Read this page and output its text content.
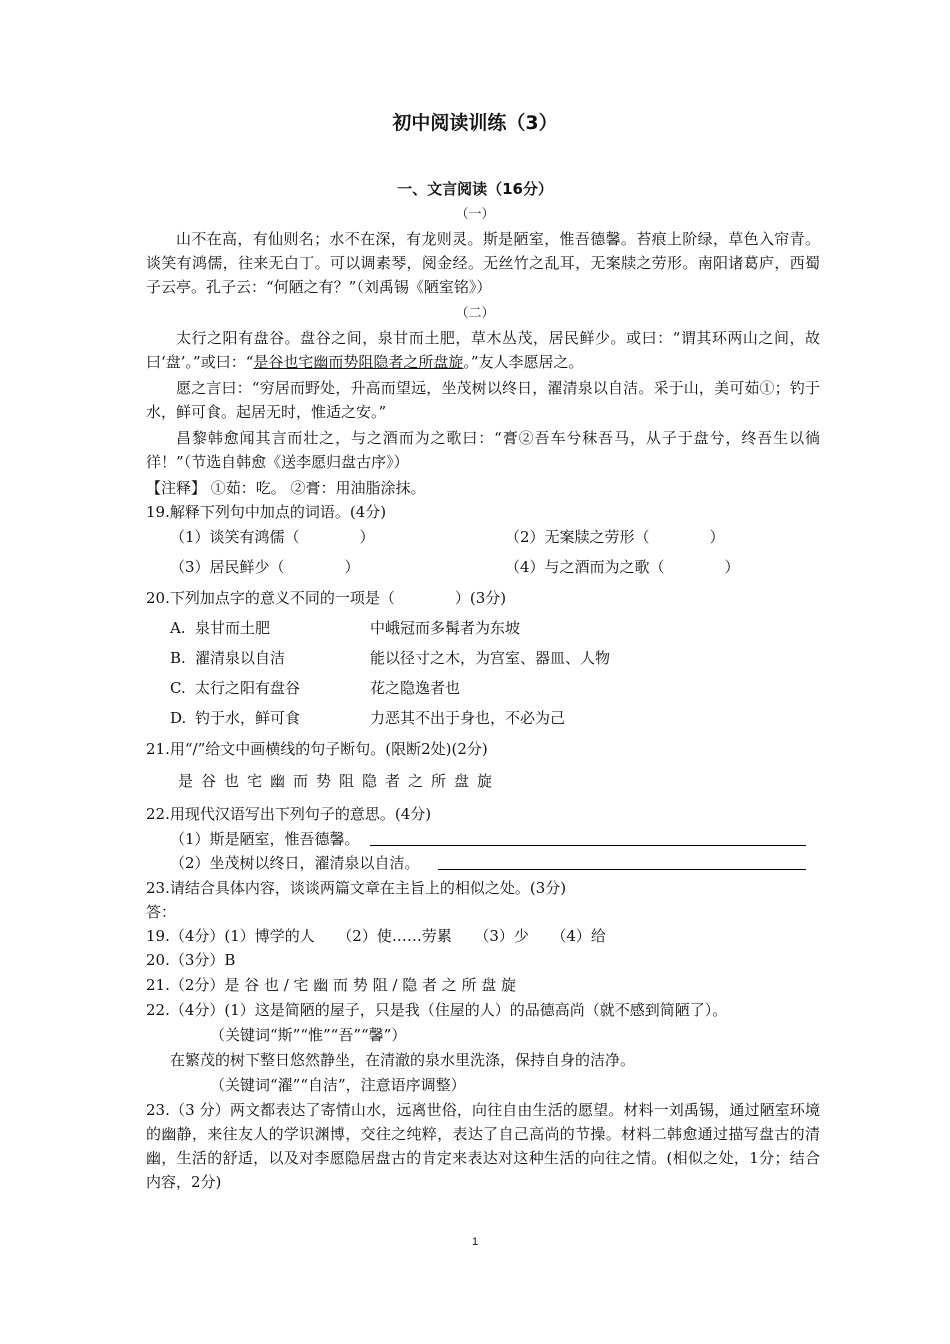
初中阅读训练（3）
一、文言阅读（16分）
（一）
山不在高，有仙则名；水不在深，有龙则灵。斯是陋室，惟吾德馨。苔痕上阶绿，草色入帘青。谈笑有鸿儒，往来无白丁。可以调素琴，阅金经。无丝竹之乱耳，无案牍之劳形。南阳诸葛庐，西蜀子云亭。孔子云：“何陋之有？”（刘禹锡《陋室铭》）
（二）
太行之阳有盘谷。盘谷之间，泉甘而土肥，草木丛茂，居民鲜少。或曰：“谓其环两山之间，故曰‘盘’。”或曰：“是谷也宅幽而势阻隐者之所盘旋。”友人李愿居之。
愿之言曰：“穷居而野处，升高而望远，坐茂树以终日，濯清泉以自洁。采于山，美可茹①；钓于水，鲜可食。起居无时，惟适之安。”
昌黎韩愈闻其言而壮之，与之酒而为之歌曰：“膏②吾车兮秣吾马，从子于盘兮，终吾生以徜徉！”（节选自韩愈《送李愿归盘古序》）
【注释】 ①茹：吃。 ②膏：用油脂涂抹。
19.解释下列句中加点的词语。(4分)
（1）谈笑有鸿儒（　　　　）	（2）无案牍之劳形（　　　　）
（3）居民鲜少（　　　　）	（4）与之酒而为之歌（　　　　）
20.下列加点字的意义不同的一项是（　　　　）(3分)
A. 泉甘而土肥	中峨冠而多髯者为东坡
B. 濯清泉以自洁	能以径寸之木，为宫室、器皿、人物
C. 太行之阳有盘谷	花之隐逸者也
D. 钓于水，鲜可食	力恶其不出于身也，不必为己
21.用“/”给文中画横线的句子断句。(限断2处)(2分)
是谷也宅幽而势阻隐者之所盘旋
22.用现代汉语写出下列句子的意思。(4分)
（1）斯是陋室，惟吾德馨。
（2）坐茂树以终日，濯清泉以自洁。
23.请结合具体内容，谈谈两篇文章在主旨上的相似之处。(3分)
答：
19.（4分）(1）博学的人　　（2）使……劳累　　（3）少　　（4）给
20.（3分）B
21.（2分）是 谷 也 / 宅 幽 而 势 阻 / 隐 者 之 所 盘 旋
22.（4分）(1）这是简陋的屋子，只是我（住屋的人）的品德高尚（就不感到简陋了）。
（关键词“斯”“惟”“吾”“馨”）
在繁茂的树下整日悠然静坐，在清澈的泉水里洗涤，保持自身的洁净。
（关键词“濯”“自洁”，注意语序调整）
23.（3 分）两文都表达了寄情山水，远离世俗，向往自由生活的愿望。材料一刘禹锡，通过陋室环境的幽静，来往友人的学识渊博，交往之纯粹，表达了自己高尚的节操。材料二韩愈通过描写盘古的清幽，生活的舒适，以及对李愿隐居盘古的肯定来表达对这种生活的向往之情。(相似之处，1分；结合内容，2分)
1
